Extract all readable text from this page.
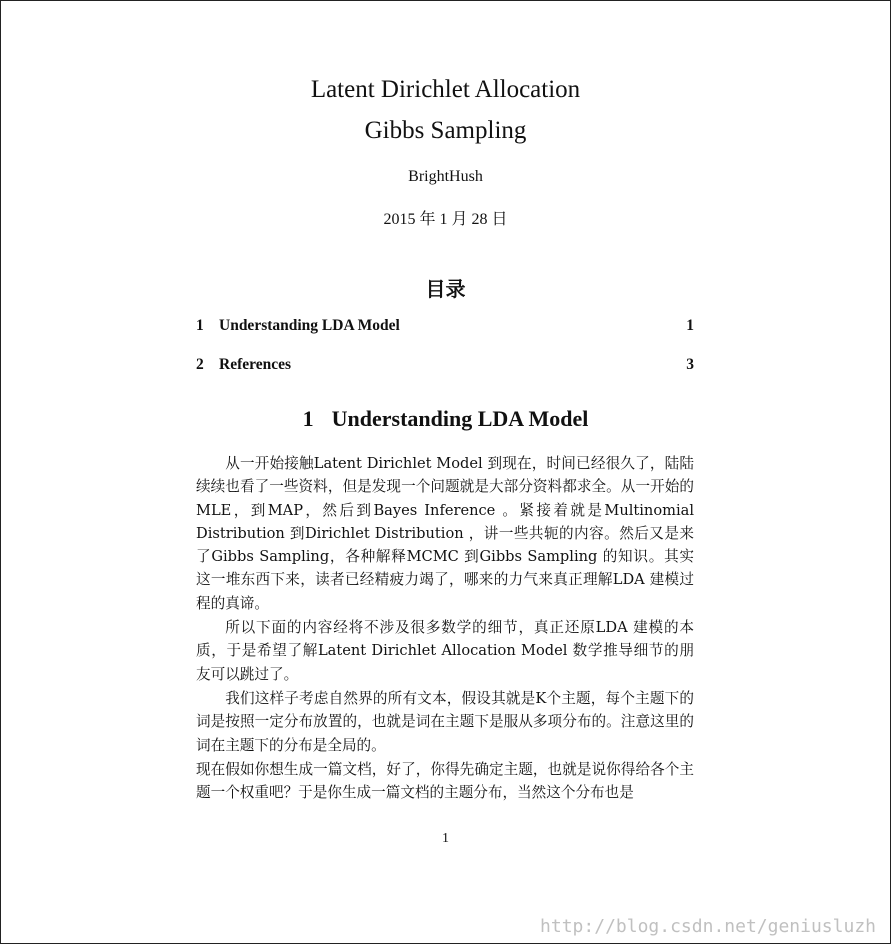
Latent Dirichlet Allocation
Gibbs Sampling
BrightHush
2015 年 1 月 28 日
目录
1 Understanding LDA Model	1
2 References	3
1 Understanding LDA Model

从一开始接触Latent Dirichlet Model 到现在，时间已经很久了，陆陆续续也看了一些资料，但是发现一个问题就是大部分资料都求全。从一开始的MLE，到MAP，然后到Bayes Inference 。紧接着就是Multinomial Distribution 到Dirichlet Distribution ，讲一些共轭的内容。然后又是来了Gibbs Sampling，各种解释MCMC 到Gibbs Sampling 的知识。其实这一堆东西下来，读者已经精疲力竭了，哪来的力气来真正理解LDA 建模过程的真谛。

所以下面的内容经将不涉及很多数学的细节，真正还原LDA 建模的本质，于是希望了解Latent Dirichlet Allocation Model 数学推导细节的朋友可以跳过了。

我们这样子考虑自然界的所有文本，假设其就是K个主题，每个主题下的词是按照一定分布放置的，也就是词在主题下是服从多项分布的。注意这里的词在主题下的分布是全局的。

现在假如你想生成一篇文档，好了，你得先确定主题，也就是说你得给各个主题一个权重吧？于是你生成一篇文档的主题分布，当然这个分布也是

1
http://blog.csdn.net/geniusluzh
